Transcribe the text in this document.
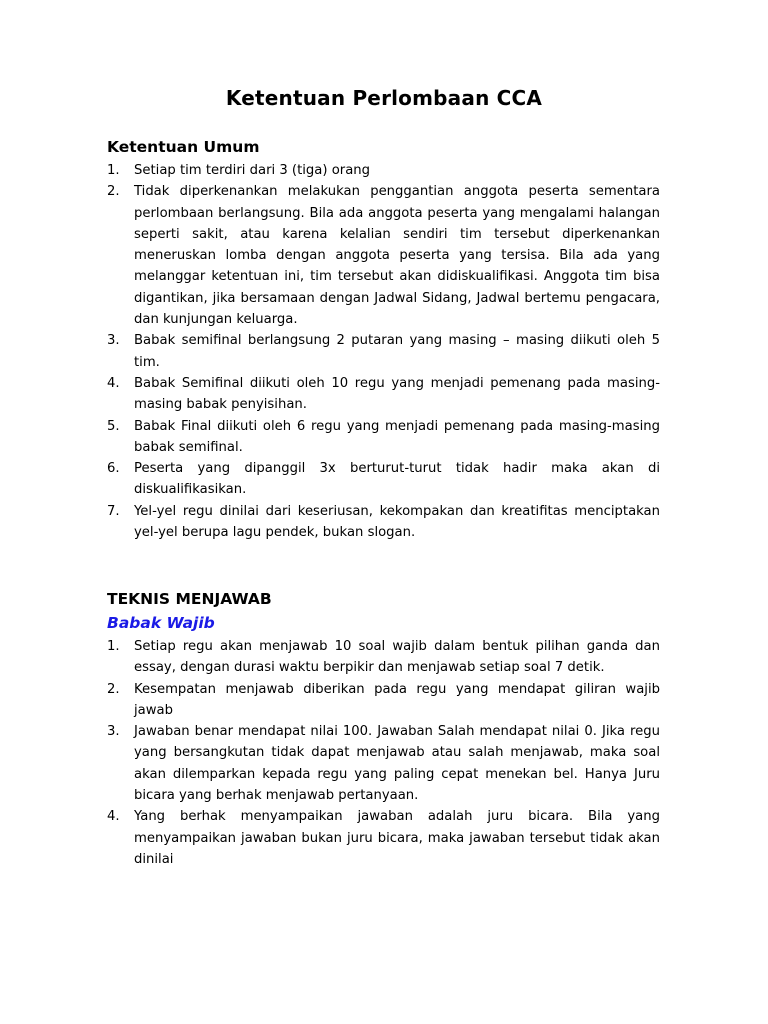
Ketentuan Perlombaan CCA
Ketentuan Umum
1. Setiap tim terdiri dari 3 (tiga) orang
2. Tidak diperkenankan melakukan penggantian anggota peserta sementara perlombaan berlangsung. Bila ada anggota peserta yang mengalami halangan seperti sakit, atau karena kelalian sendiri tim tersebut diperkenankan meneruskan lomba dengan anggota peserta yang tersisa. Bila ada yang melanggar ketentuan ini, tim tersebut akan didiskualifikasi. Anggota tim bisa digantikan, jika bersamaan dengan Jadwal Sidang, Jadwal bertemu pengacara, dan kunjungan keluarga.
3. Babak semifinal berlangsung 2 putaran yang masing – masing diikuti oleh 5 tim.
4. Babak Semifinal diikuti oleh 10 regu yang menjadi pemenang pada masing-masing babak penyisihan.
5. Babak Final diikuti oleh 6 regu yang menjadi pemenang pada masing-masing babak semifinal.
6. Peserta yang dipanggil 3x berturut-turut tidak hadir maka akan di diskualifikasikan.
7. Yel-yel regu dinilai dari keseriusan, kekompakan dan kreatifitas menciptakan yel-yel berupa lagu pendek, bukan slogan.
TEKNIS MENJAWAB
Babak Wajib
1. Setiap regu akan menjawab 10 soal wajib dalam bentuk pilihan ganda dan essay, dengan durasi waktu berpikir dan menjawab setiap soal 7 detik.
2. Kesempatan menjawab diberikan pada regu yang mendapat giliran wajib jawab
3. Jawaban benar mendapat nilai 100. Jawaban Salah mendapat nilai 0. Jika regu yang bersangkutan tidak dapat menjawab atau salah menjawab, maka soal akan dilemparkan kepada regu yang paling cepat menekan bel. Hanya Juru bicara yang berhak menjawab pertanyaan.
4. Yang berhak menyampaikan jawaban adalah juru bicara. Bila yang menyampaikan jawaban bukan juru bicara, maka jawaban tersebut tidak akan dinilai
